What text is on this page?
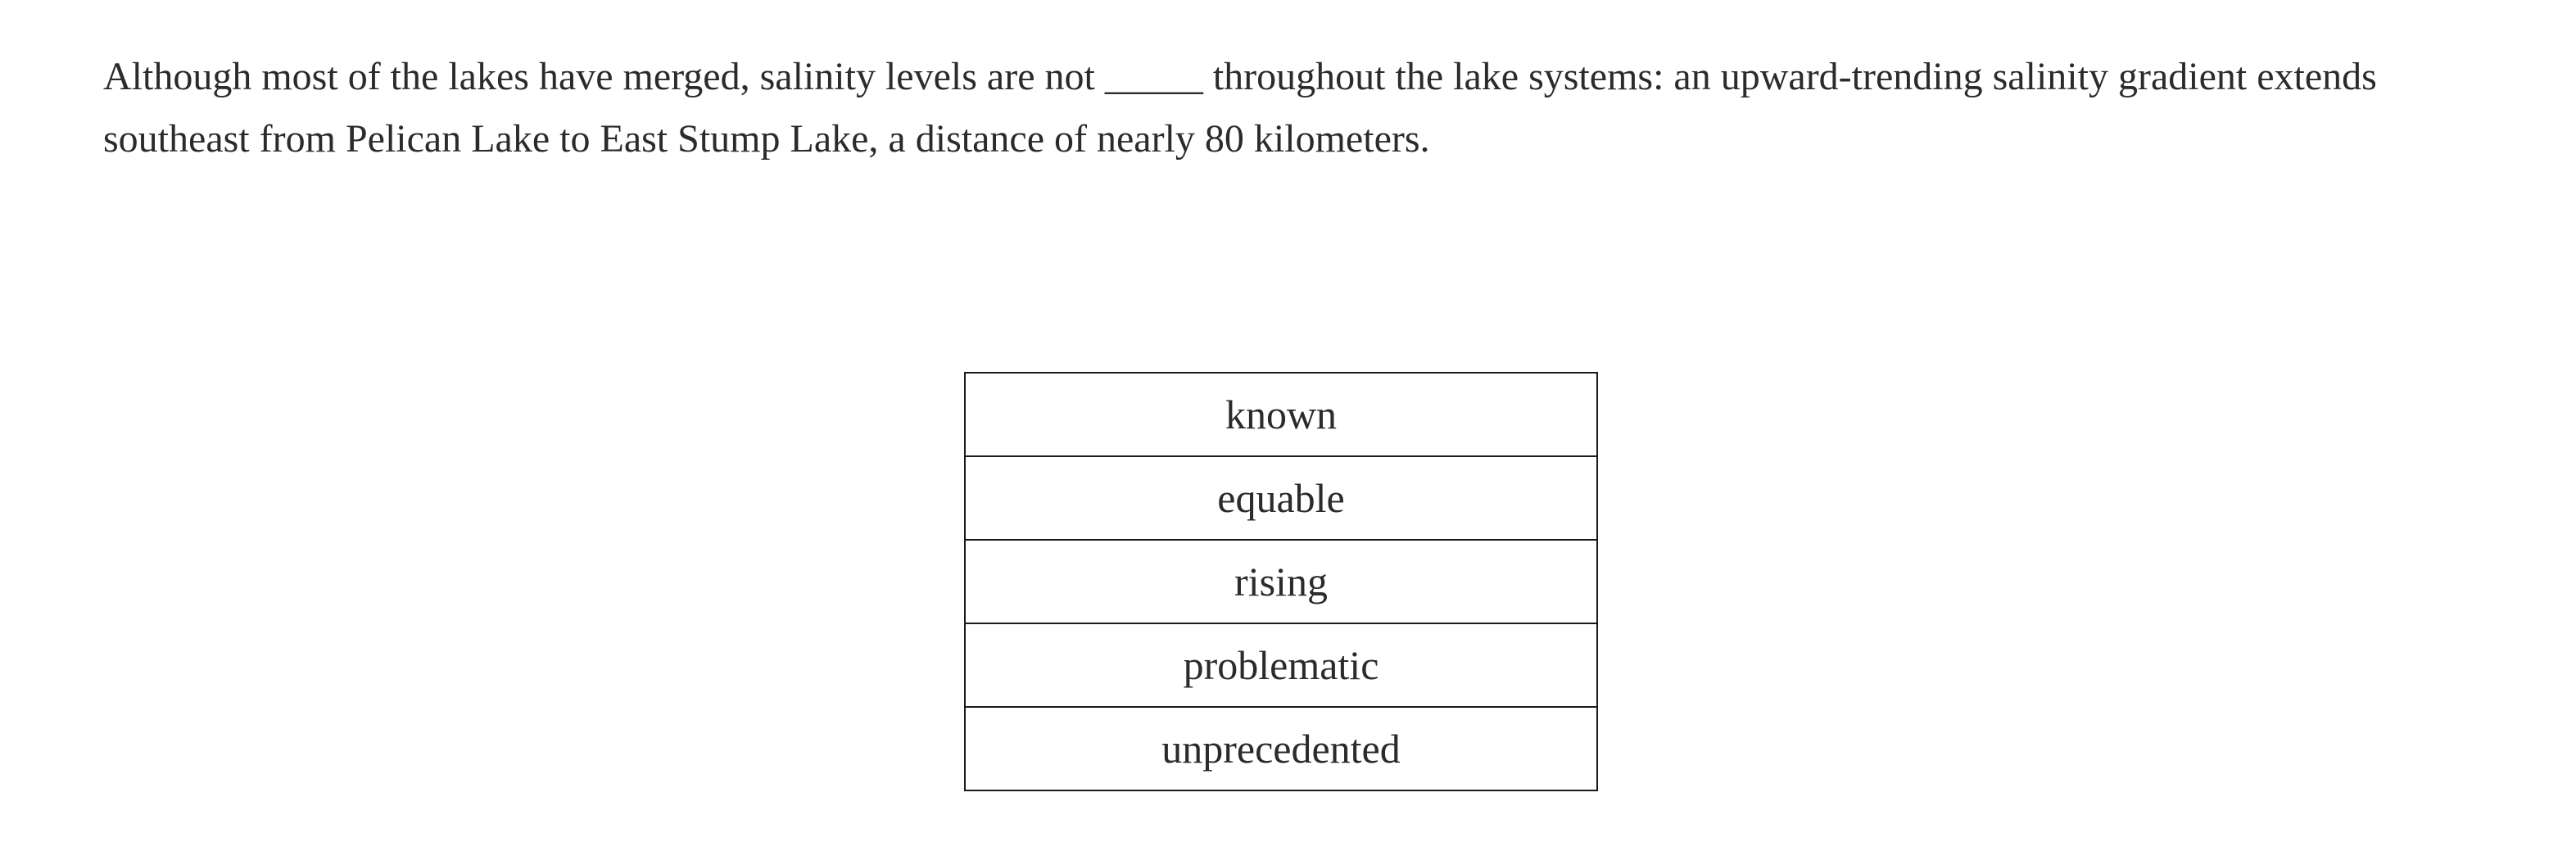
Although most of the lakes have merged, salinity levels are not _____ throughout the lake systems: an upward-trending salinity gradient extends southeast from Pelican Lake to East Stump Lake, a distance of nearly 80 kilometers.

known
equable
rising
problematic
unprecedented
